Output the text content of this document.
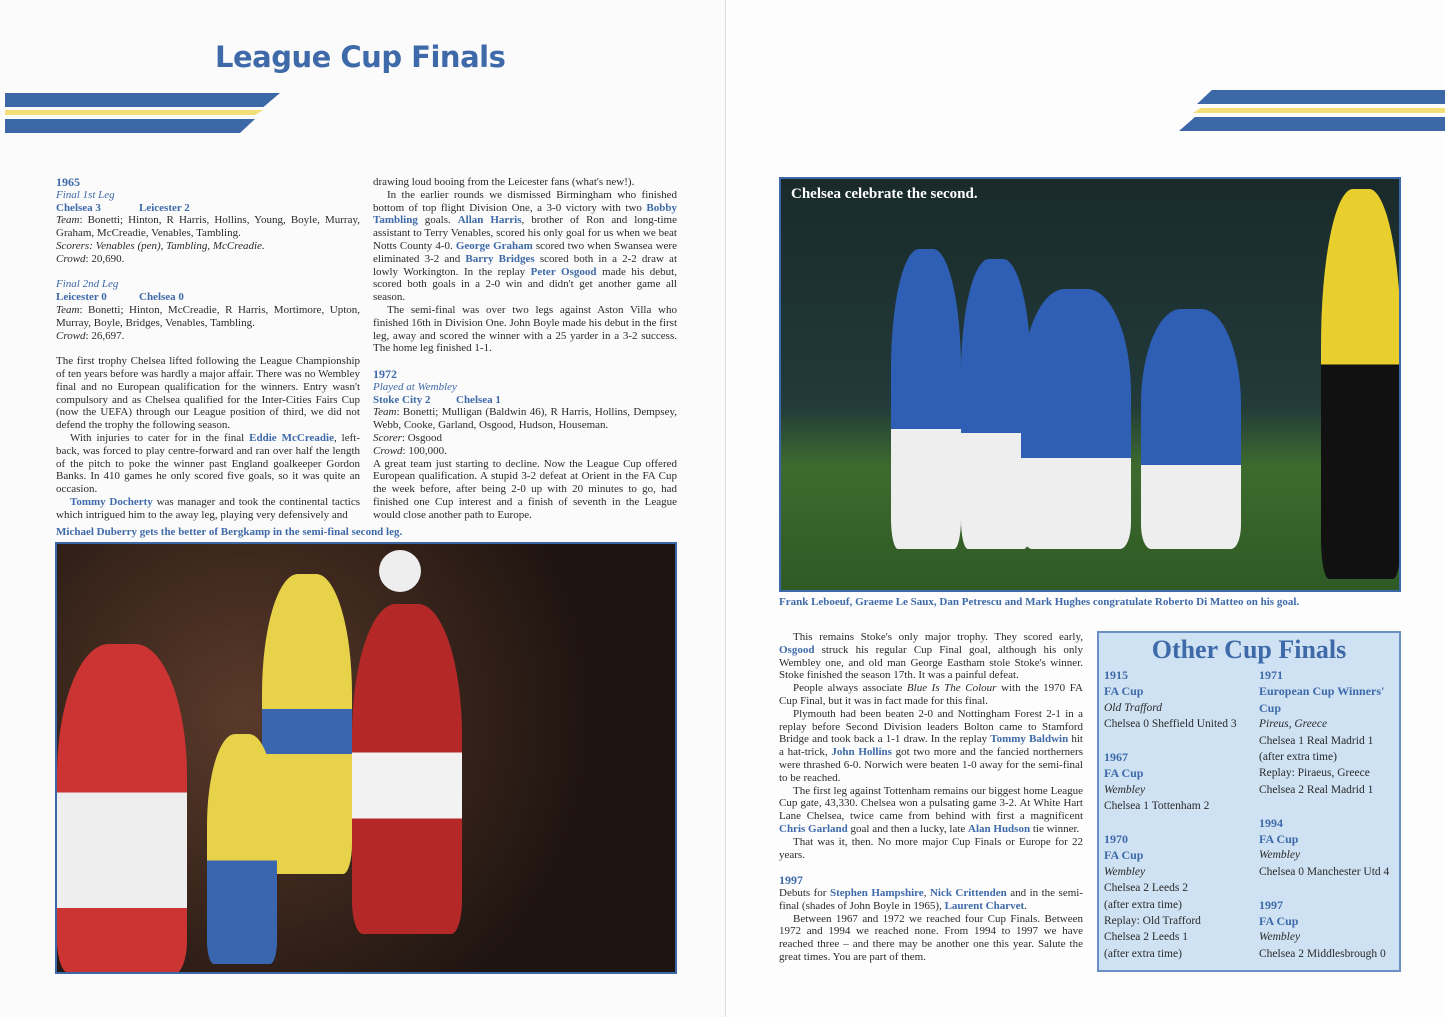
League Cup Finals
1965
Final 1st Leg
Chelsea 3	Leicester 2

Team: Bonetti; Hinton, R Harris, Hollins, Young, Boyle, Murray, Graham, McCreadie, Venables, Tambling.

Scorers: Venables (pen), Tambling, McCreadie.

Crowd: 20,690.

Final 2nd Leg
Leicester 0	Chelsea 0

Team: Bonetti; Hinton, McCreadie, R Harris, Mortimore, Upton, Murray, Boyle, Bridges, Venables, Tambling.

Crowd: 26,697.

The first trophy Chelsea lifted following the League Championship of ten years before was hardly a major affair. There was no Wembley final and no European qualification for the winners. Entry wasn't compulsory and as Chelsea qualified for the Inter-Cities Fairs Cup (now the UEFA) through our League position of third, we did not defend the trophy the following season.

With injuries to cater for in the final Eddie McCreadie, left-back, was forced to play centre-forward and ran over half the length of the pitch to poke the winner past England goalkeeper Gordon Banks. In 410 games he only scored five goals, so it was quite an occasion.

Tommy Docherty was manager and took the continental tactics which intrigued him to the away leg, playing very defensively and

drawing loud booing from the Leicester fans (what's new!).

In the earlier rounds we dismissed Birmingham who finished bottom of top flight Division One, a 3-0 victory with two Bobby Tambling goals. Allan Harris, brother of Ron and long-time assistant to Terry Venables, scored his only goal for us when we beat Notts County 4-0. George Graham scored two when Swansea were eliminated 3-2 and Barry Bridges scored both in a 2-2 draw at lowly Workington. In the replay Peter Osgood made his debut, scored both goals in a 2-0 win and didn't get another game all season.

The semi-final was over two legs against Aston Villa who finished 16th in Division One. John Boyle made his debut in the first leg, away and scored the winner with a 25 yarder in a 3-2 success. The home leg finished 1-1.

1972
Played at Wembley
Stoke City 2 Chelsea 1

Team: Bonetti; Mulligan (Baldwin 46), R Harris, Hollins, Dempsey, Webb, Cooke, Garland, Osgood, Hudson, Houseman.

Scorer: Osgood

Crowd: 100,000.

A great team just starting to decline. Now the League Cup offered European qualification. A stupid 3-2 defeat at Orient in the FA Cup the week before, after being 2-0 up with 20 minutes to go, had finished one Cup interest and a finish of seventh in the League would close another path to Europe.

Michael Duberry gets the better of Bergkamp in the semi-final second leg.
Chelsea celebrate the second.
Frank Leboeuf, Graeme Le Saux, Dan Petrescu and Mark Hughes congratulate Roberto Di Matteo on his goal.

This remains Stoke's only major trophy. They scored early, Osgood struck his regular Cup Final goal, although his only Wembley one, and old man George Eastham stole Stoke's winner. Stoke finished the season 17th. It was a painful defeat.

People always associate Blue Is The Colour with the 1970 FA Cup Final, but it was in fact made for this final.

Plymouth had been beaten 2-0 and Nottingham Forest 2-1 in a replay before Second Division leaders Bolton came to Stamford Bridge and took back a 1-1 draw. In the replay Tommy Baldwin hit a hat-trick, John Hollins got two more and the fancied northerners were thrashed 6-0. Norwich were beaten 1-0 away for the semi-final to be reached.

The first leg against Tottenham remains our biggest home League Cup gate, 43,330. Chelsea won a pulsating game 3-2. At White Hart Lane Chelsea, twice came from behind with first a magnificent Chris Garland goal and then a lucky, late Alan Hudson tie winner.

That was it, then. No more major Cup Finals or Europe for 22 years.

1997

Debuts for Stephen Hampshire, Nick Crittenden and in the semi-final (shades of John Boyle in 1965), Laurent Charvet.

Between 1967 and 1972 we reached four Cup Finals. Between 1972 and 1994 we reached none. From 1994 to 1997 we have reached three – and there may be another one this year. Salute the great times. You are part of them.

Other Cup Finals
1915
FA Cup
Old Trafford
Chelsea 0 Sheffield United 3
1967
FA Cup
Wembley
Chelsea 1 Tottenham 2
1970
FA Cup
Wembley
Chelsea 2 Leeds 2
(after extra time)
Replay: Old Trafford
Chelsea 2 Leeds 1
(after extra time)
1971
European Cup Winners' Cup
Pireus, Greece
Chelsea 1 Real Madrid 1
(after extra time)
Replay: Piraeus, Greece
Chelsea 2 Real Madrid 1
1994
FA Cup
Wembley
Chelsea 0 Manchester Utd 4
1997
FA Cup
Wembley
Chelsea 2 Middlesbrough 0
